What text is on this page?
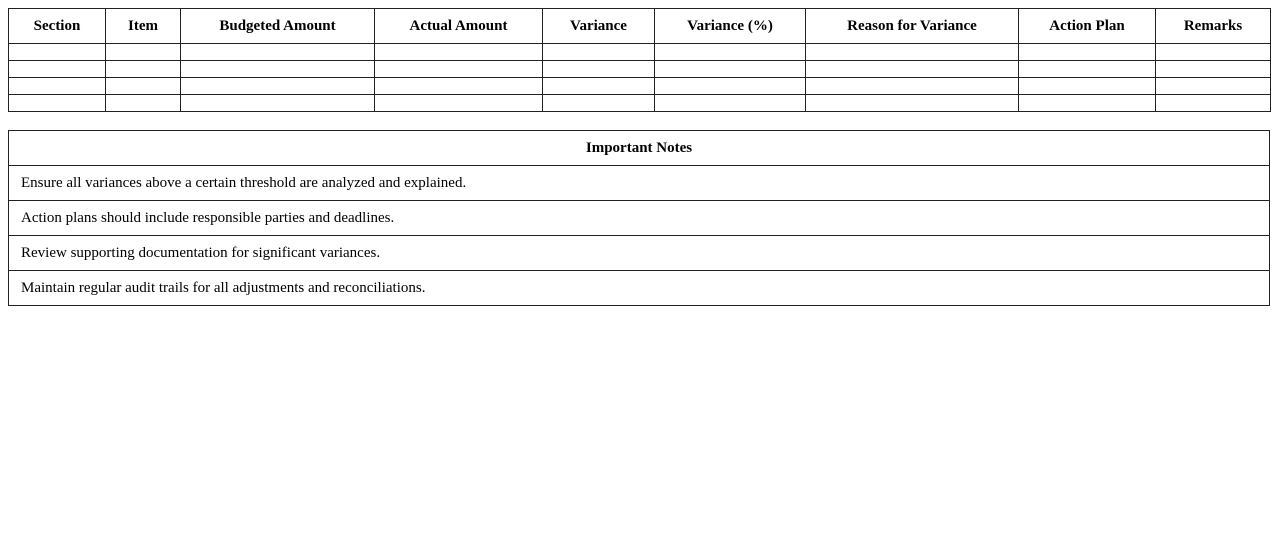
Section	Item	Budgeted Amount	Actual Amount	Variance	Variance (%)	Reason for Variance	Action Plan	Remarks

Important Notes
Ensure all variances above a certain threshold are analyzed and explained.
Action plans should include responsible parties and deadlines.
Review supporting documentation for significant variances.
Maintain regular audit trails for all adjustments and reconciliations.
